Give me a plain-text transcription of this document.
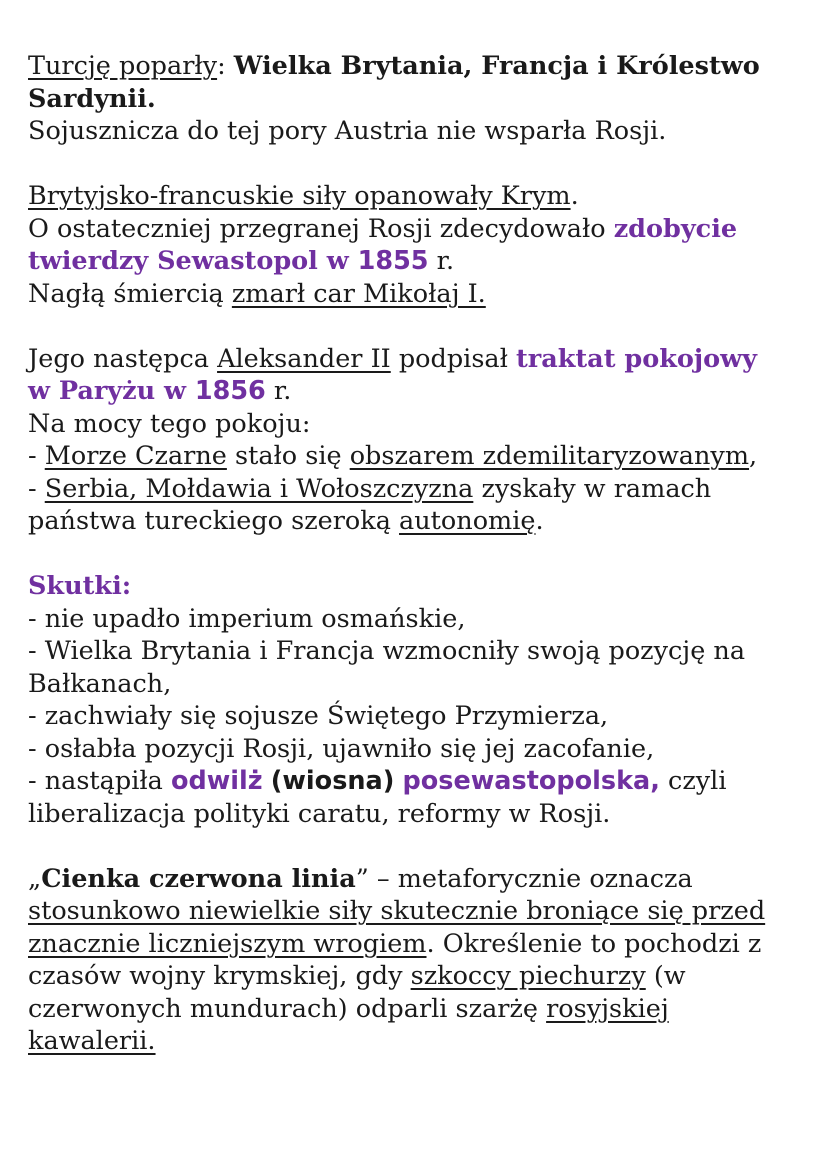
Turcję poparły: Wielka Brytania, Francja i Królestwo
Sardynii.
Sojusznicza do tej pory Austria nie wsparła Rosji.
Brytyjsko-francuskie siły opanowały Krym.
O ostateczniej przegranej Rosji zdecydowało zdobycie
twierdzy Sewastopol w 1855 r.
Nagłą śmiercią zmarł car Mikołaj I.
Jego następca Aleksander II podpisał traktat pokojowy
w Paryżu w 1856 r.
Na mocy tego pokoju:
- Morze Czarne stało się obszarem zdemilitaryzowanym,
- Serbia, Mołdawia i Wołoszczyzna zyskały w ramach
państwa tureckiego szeroką autonomię.
Skutki:
- nie upadło imperium osmańskie,
- Wielka Brytania i Francja wzmocniły swoją pozycję na
Bałkanach,
- zachwiały się sojusze Świętego Przymierza,
- osłabła pozycji Rosji, ujawniło się jej zacofanie,
- nastąpiła odwilż (wiosna) posewastopolska, czyli
liberalizacja polityki caratu, reformy w Rosji.
„Cienka czerwona linia” – metaforycznie oznacza
stosunkowo niewielkie siły skutecznie broniące się przed
znacznie liczniejszym wrogiem. Określenie to pochodzi z
czasów wojny krymskiej, gdy szkoccy piechurzy (w
czerwonych mundurach) odparli szarżę rosyjskiej
kawalerii.
